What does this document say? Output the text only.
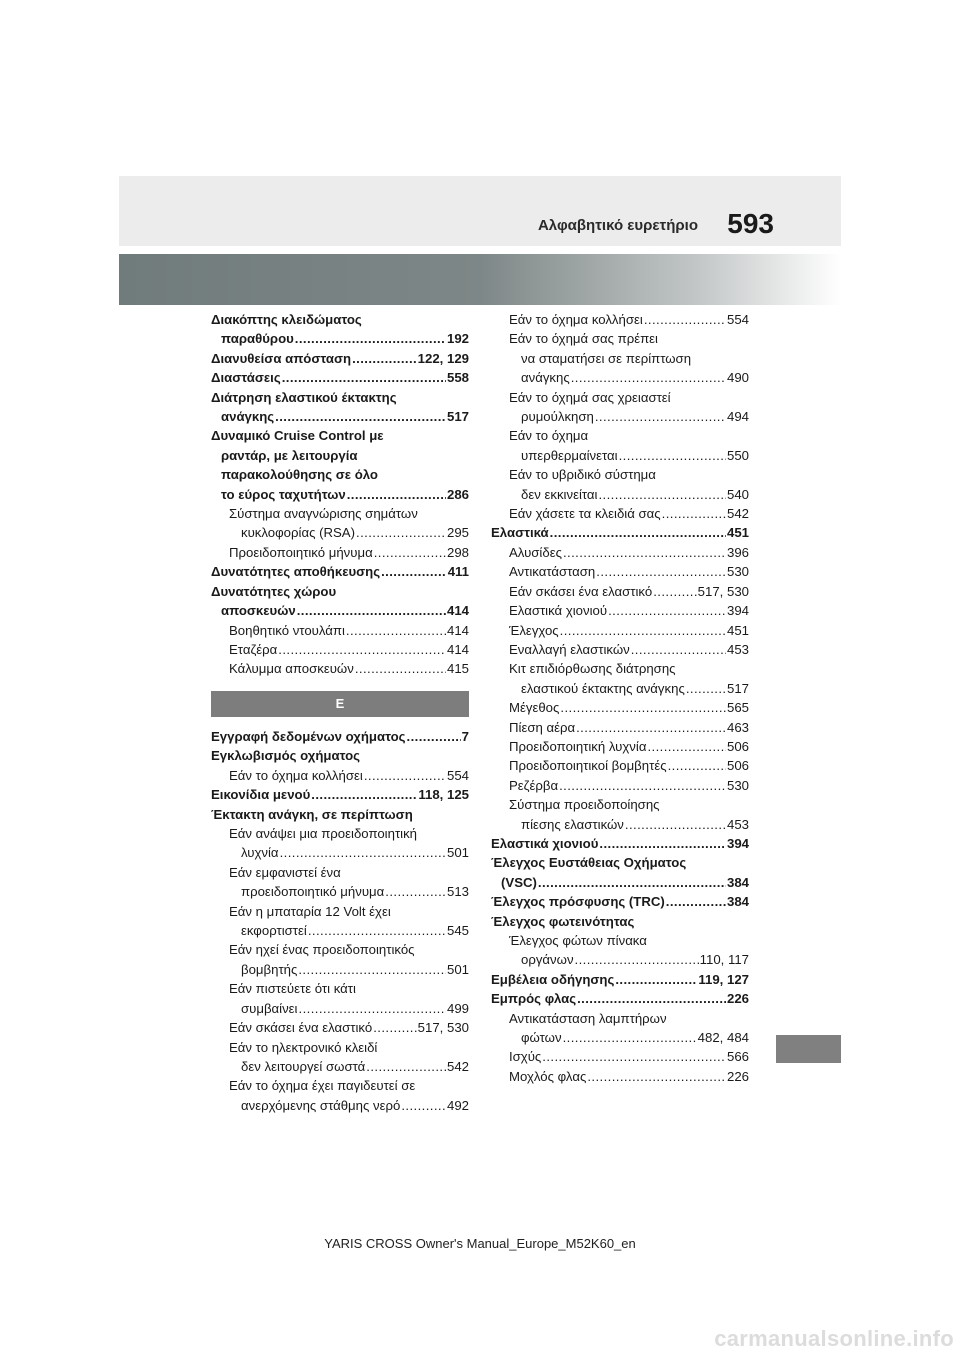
Αλφαβητικό ευρετήριο 593
Διακόπτης κλειδώματος
παραθύρου .....	192
Διανυθείσα απόσταση .....	122, 129
Διαστάσεις .....	558
Διάτρηση ελαστικού έκτακτης
ανάγκης .....	517
Δυναμικό Cruise Control με
ραντάρ, με λειτουργία
παρακολούθησης σε όλο
το εύρος ταχυτήτων .....	286
Σύστημα αναγνώρισης σημάτων
κυκλοφορίας (RSA) .....	295
Προειδοποιητικό μήνυμα .....	298
Δυνατότητες αποθήκευσης .....	411
Δυνατότητες χώρου
αποσκευών .....	414
Βοηθητικό ντουλάπι .....	414
Εταζέρα .....	414
Κάλυμμα αποσκευών .....	415
Ε
Εγγραφή δεδομένων οχήματος .....	7
Εγκλωβισμός οχήματος
Εάν το όχημα κολλήσει .....	554
Εικονίδια μενού .....	118, 125
Έκτακτη ανάγκη, σε περίπτωση
Εάν ανάψει μια προειδοποιητική
λυχνία .....	501
Εάν εμφανιστεί ένα
προειδοποιητικό μήνυμα .....	513
Εάν η μπαταρία 12 Volt έχει
εκφορτιστεί .....	545
Εάν ηχεί ένας προειδοποιητικός
βομβητής .....	501
Εάν πιστεύετε ότι κάτι
συμβαίνει .....	499
Εάν σκάσει ένα ελαστικό .....	517, 530
Εάν το ηλεκτρονικό κλειδί
δεν λειτουργεί σωστά .....	542
Εάν το όχημα έχει παγιδευτεί σε
ανερχόμενης στάθμης νερό .....	492
Εάν το όχημα κολλήσει .....	554
Εάν το όχημά σας πρέπει
να σταματήσει σε περίπτωση
ανάγκης .....	490
Εάν το όχημά σας χρειαστεί
ρυμούλκηση .....	494
Εάν το όχημα
υπερθερμαίνεται .....	550
Εάν το υβριδικό σύστημα
δεν εκκινείται .....	540
Εάν χάσετε τα κλειδιά σας .....	542
Ελαστικά .....	451
Αλυσίδες .....	396
Αντικατάσταση .....	530
Εάν σκάσει ένα ελαστικό .....	517, 530
Ελαστικά χιονιού .....	394
Έλεγχος .....	451
Εναλλαγή ελαστικών .....	453
Κιτ επιδιόρθωσης διάτρησης
ελαστικού έκτακτης ανάγκης .....	517
Μέγεθος .....	565
Πίεση αέρα .....	463
Προειδοποιητική λυχνία .....	506
Προειδοποιητικοί βομβητές .....	506
Ρεζέρβα .....	530
Σύστημα προειδοποίησης
πίεσης ελαστικών .....	453
Ελαστικά χιονιού .....	394
Έλεγχος Ευστάθειας Οχήματος
(VSC) .....	384
Έλεγχος πρόσφυσης (TRC) .....	384
Έλεγχος φωτεινότητας
Έλεγχος φώτων πίνακα
οργάνων .....	110, 117
Εμβέλεια οδήγησης .....	119, 127
Εμπρός φλας .....	226
Αντικατάσταση λαμπτήρων
φώτων .....	482, 484
Ισχύς .....	566
Μοχλός φλας .....	226
YARIS CROSS Owner's Manual_Europe_M52K60_en
carmanualsonline.info
